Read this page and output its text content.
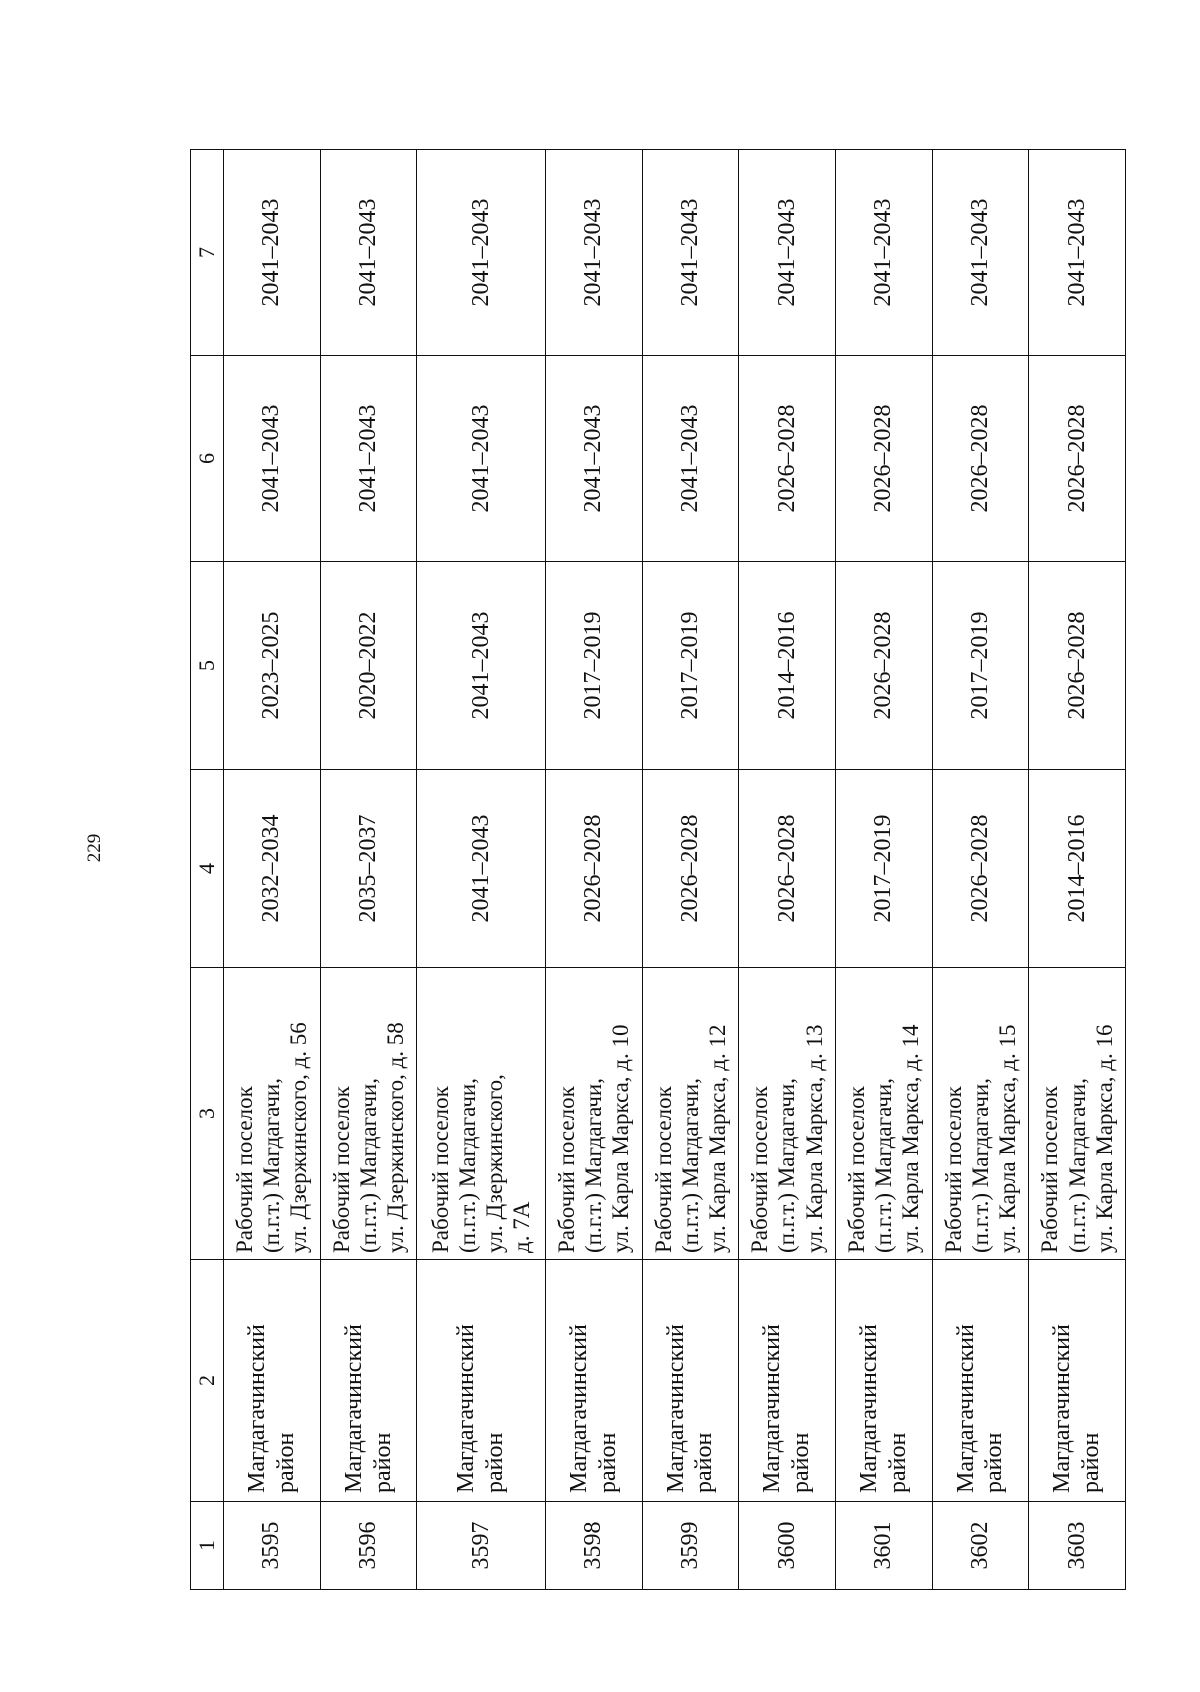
229
1	2	3	4	5	6	7
3595	Магдагачинский район	Рабочий поселок (п.г.т.) Магдагачи, ул. Дзержинского, д. 56	2032–2034	2023–2025	2041–2043	2041–2043
3596	Магдагачинский район	Рабочий поселок (п.г.т.) Магдагачи, ул. Дзержинского, д. 58	2035–2037	2020–2022	2041–2043	2041–2043
3597	Магдагачинский район	Рабочий поселок (п.г.т.) Магдагачи, ул. Дзержинского, д. 7А	2041–2043	2041–2043	2041–2043	2041–2043
3598	Магдагачинский район	Рабочий поселок (п.г.т.) Магдагачи, ул. Карла Маркса, д. 10	2026–2028	2017–2019	2041–2043	2041–2043
3599	Магдагачинский район	Рабочий поселок (п.г.т.) Магдагачи, ул. Карла Маркса, д. 12	2026–2028	2017–2019	2041–2043	2041–2043
3600	Магдагачинский район	Рабочий поселок (п.г.т.) Магдагачи, ул. Карла Маркса, д. 13	2026–2028	2014–2016	2026–2028	2041–2043
3601	Магдагачинский район	Рабочий поселок (п.г.т.) Магдагачи, ул. Карла Маркса, д. 14	2017–2019	2026–2028	2026–2028	2041–2043
3602	Магдагачинский район	Рабочий поселок (п.г.т.) Магдагачи, ул. Карла Маркса, д. 15	2026–2028	2017–2019	2026–2028	2041–2043
3603	Магдагачинский район	Рабочий поселок (п.г.т.) Магдагачи, ул. Карла Маркса, д. 16	2014–2016	2026–2028	2026–2028	2041–2043
